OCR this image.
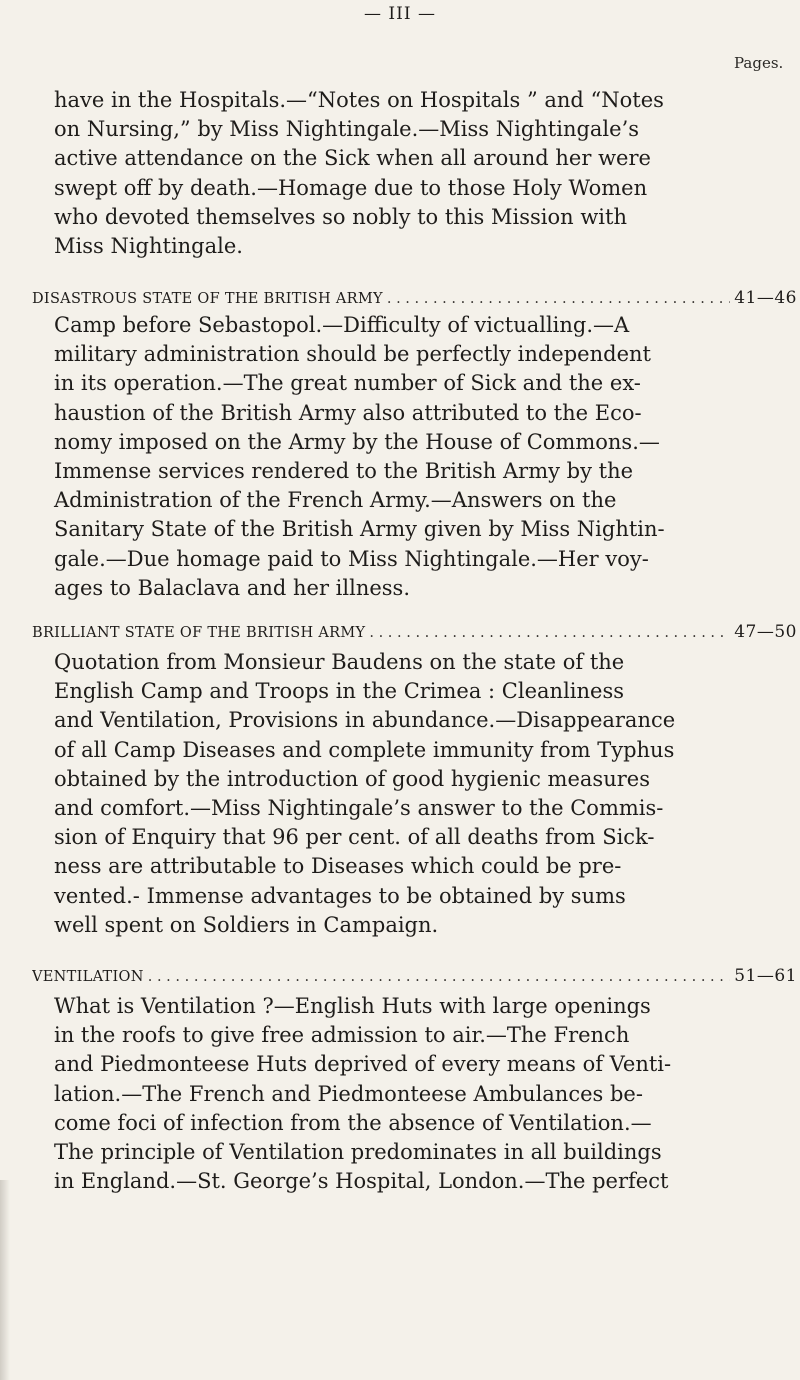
— III —
Pages.
have in the Hospitals.—“Notes on Hospitals ” and “Notes
on Nursing,” by Miss Nightingale.—Miss Nightingale’s
active attendance on the Sick when all around her were
swept off by death.—Homage due to those Holy Women
who devoted themselves so nobly to this Mission with
Miss Nightingale.
DISASTROUS STATE OF THE BRITISH ARMY . . .	41—46
Camp before Sebastopol.—Difficulty of victualling.—A
military administration should be perfectly independent
in its operation.—The great number of Sick and the ex-
haustion of the British Army also attributed to the Eco-
nomy imposed on the Army by the House of Commons.—
Immense services rendered to the British Army by the
Administration of the French Army.—Answers on the
Sanitary State of the British Army given by Miss Nightin-
gale.—Due homage paid to Miss Nightingale.—Her voy-
ages to Balaclava and her illness.
BRILLIANT STATE OF THE BRITISH ARMY . . .	47—50
Quotation from Monsieur Baudens on the state of the
English Camp and Troops in the Crimea : Cleanliness
and Ventilation, Provisions in abundance.—Disappearance
of all Camp Diseases and complete immunity from Typhus
obtained by the introduction of good hygienic measures
and comfort.—Miss Nightingale’s answer to the Commis-
sion of Enquiry that 96 per cent. of all deaths from Sick-
ness are attributable to Diseases which could be pre-
vented.- Immense advantages to be obtained by sums
well spent on Soldiers in Campaign.
VENTILATION . . .	51—61
What is Ventilation ?—English Huts with large openings
in the roofs to give free admission to air.—The French
and Piedmonteese Huts deprived of every means of Venti-
lation.—The French and Piedmonteese Ambulances be-
come foci of infection from the absence of Ventilation.—
The principle of Ventilation predominates in all buildings
in England.—St. George’s Hospital, London.—The perfect
